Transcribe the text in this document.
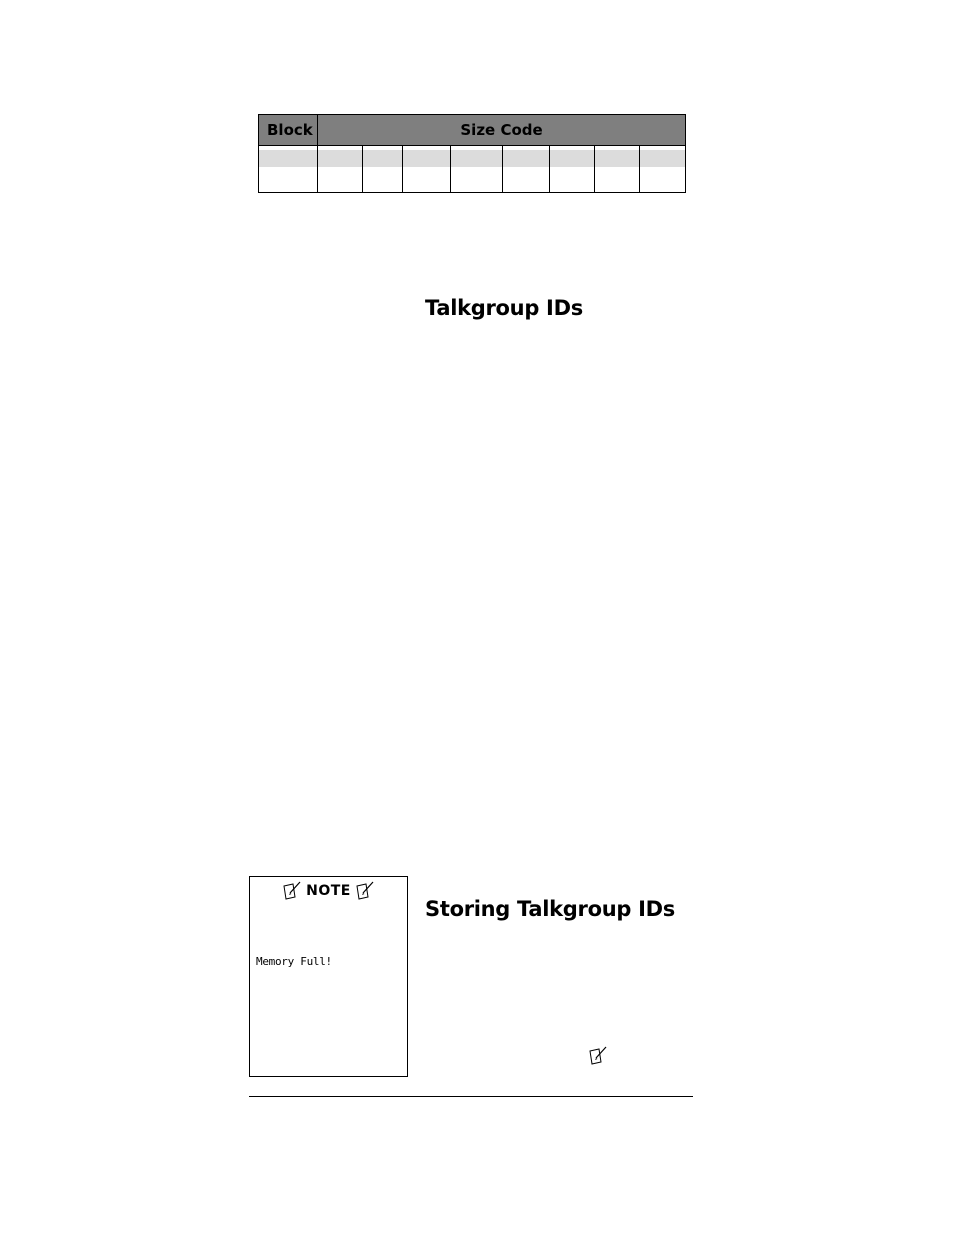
Block	Size Code							

Talkgroup IDs
NOTE
Memory Full!
Storing Talkgroup IDs
